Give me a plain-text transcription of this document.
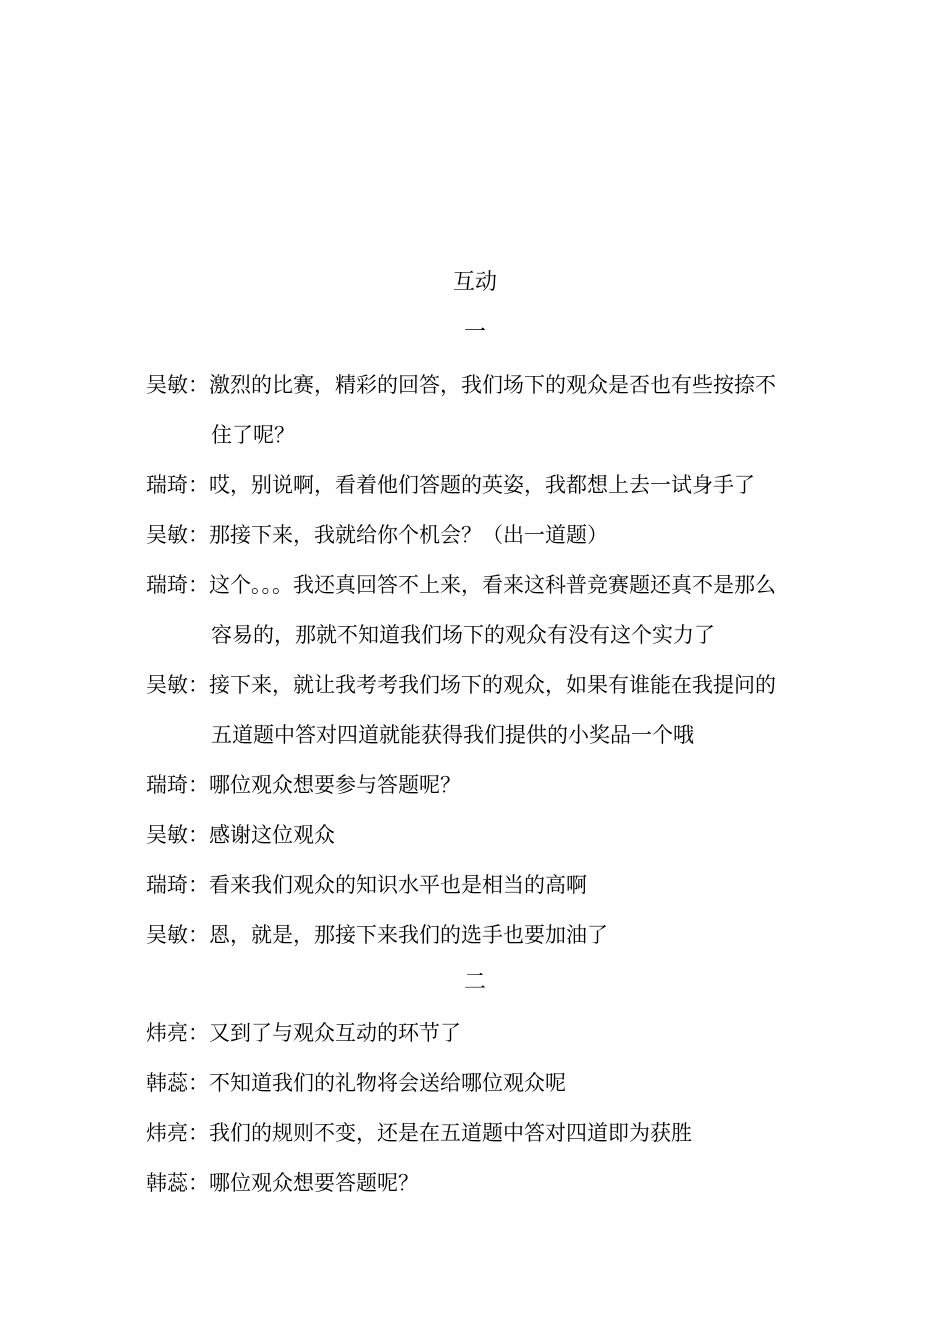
互动
一
吴敏：激烈的比赛，精彩的回答，我们场下的观众是否也有些按捺不
住了呢？
瑞琦：哎，别说啊，看着他们答题的英姿，我都想上去一试身手了
吴敏：那接下来，我就给你个机会？（出一道题）
瑞琦：这个。。。我还真回答不上来，看来这科普竞赛题还真不是那么
容易的，那就不知道我们场下的观众有没有这个实力了
吴敏：接下来，就让我考考我们场下的观众，如果有谁能在我提问的
五道题中答对四道就能获得我们提供的小奖品一个哦
瑞琦：哪位观众想要参与答题呢？
吴敏：感谢这位观众
瑞琦：看来我们观众的知识水平也是相当的高啊
吴敏：恩，就是，那接下来我们的选手也要加油了
二
炜亮：又到了与观众互动的环节了
韩蕊：不知道我们的礼物将会送给哪位观众呢
炜亮：我们的规则不变，还是在五道题中答对四道即为获胜
韩蕊：哪位观众想要答题呢？
